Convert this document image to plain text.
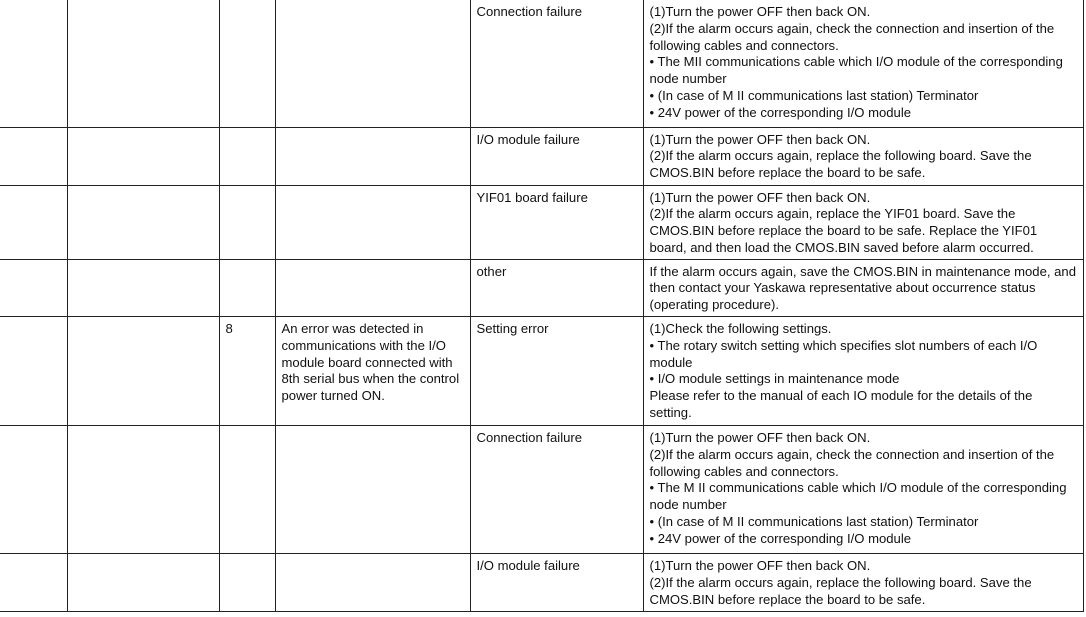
				Connection failure	(1)Turn the power OFF then back ON.
(2)If the alarm occurs again, check the connection and insertion of the following cables and connectors.
• The MII communications cable which I/O module of the corresponding node number
• (In case of M II communications last station) Terminator
• 24V power of the corresponding I/O module

				I/O module failure	(1)Turn the power OFF then back ON.
(2)If the alarm occurs again, replace the following board. Save the CMOS.BIN before replace the board to be safe.

				YIF01 board failure	(1)Turn the power OFF then back ON.
(2)If the alarm occurs again, replace the YIF01 board. Save the CMOS.BIN before replace the board to be safe. Replace the YIF01 board, and then load the CMOS.BIN saved before alarm occurred.

				other	If the alarm occurs again, save the CMOS.BIN in maintenance mode, and then contact your Yaskawa representative about occurrence status (operating procedure).

		8	An error was detected in communications with the I/O module board connected with 8th serial bus when the control power turned ON.	Setting error	(1)Check the following settings.
• The rotary switch setting which specifies slot numbers of each I/O module
• I/O module settings in maintenance mode
Please refer to the manual of each IO module for the details of the setting.

				Connection failure	(1)Turn the power OFF then back ON.
(2)If the alarm occurs again, check the connection and insertion of the following cables and connectors.
• The M II communications cable which I/O module of the corresponding node number
• (In case of M II communications last station) Terminator
• 24V power of the corresponding I/O module

				I/O module failure	(1)Turn the power OFF then back ON.
(2)If the alarm occurs again, replace the following board. Save the CMOS.BIN before replace the board to be safe.
